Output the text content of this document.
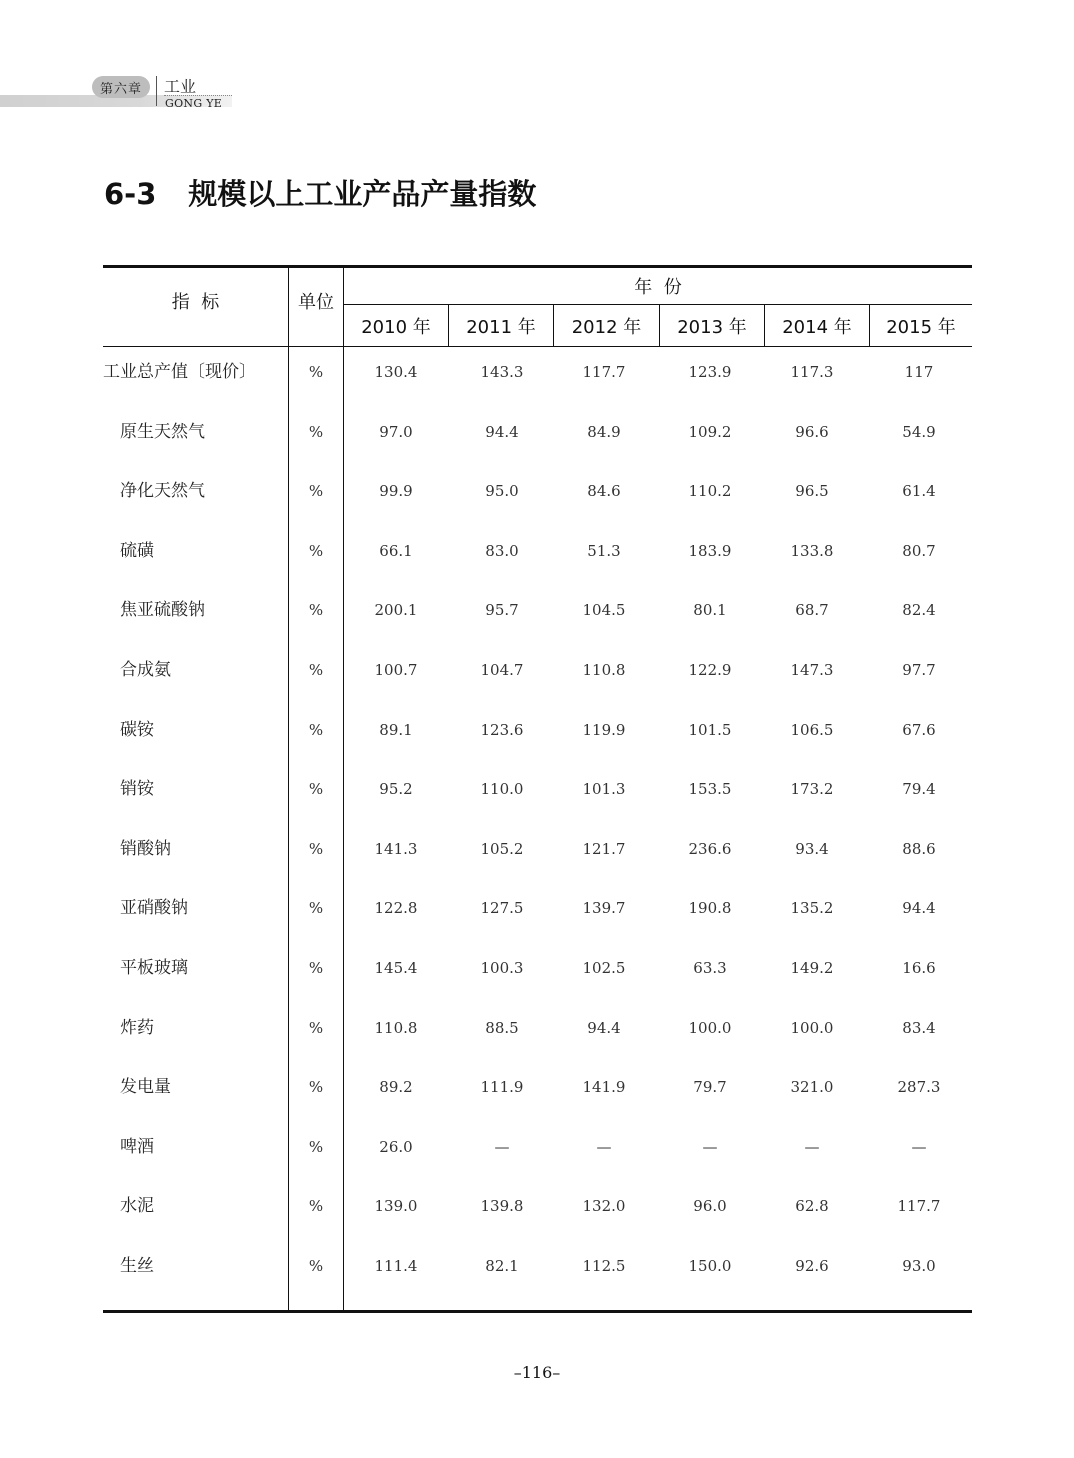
第六章	工业
GONG YE
6-3 规模以上工业产品产量指数
指  标	单位
年  份
2010 年	2011 年	2012 年	2013 年	2014 年	2015 年
工业总产值〔现价〕	%	130.4	143.3	117.7	123.9	117.3	117
原生天然气	%	97.0	94.4	84.9	109.2	96.6	54.9
净化天然气	%	99.9	95.0	84.6	110.2	96.5	61.4
硫磺	%	66.1	83.0	51.3	183.9	133.8	80.7
焦亚硫酸钠	%	200.1	95.7	104.5	80.1	68.7	82.4
合成氨	%	100.7	104.7	110.8	122.9	147.3	97.7
碳铵	%	89.1	123.6	119.9	101.5	106.5	67.6
销铵	%	95.2	110.0	101.3	153.5	173.2	79.4
销酸钠	%	141.3	105.2	121.7	236.6	93.4	88.6
亚硝酸钠	%	122.8	127.5	139.7	190.8	135.2	94.4
平板玻璃	%	145.4	100.3	102.5	63.3	149.2	16.6
炸药	%	110.8	88.5	94.4	100.0	100.0	83.4
发电量	%	89.2	111.9	141.9	79.7	321.0	287.3
啤酒	%	26.0	—	—	—	—	—
水泥	%	139.0	139.8	132.0	96.0	62.8	117.7
生丝	%	111.4	82.1	112.5	150.0	92.6	93.0
–116–
